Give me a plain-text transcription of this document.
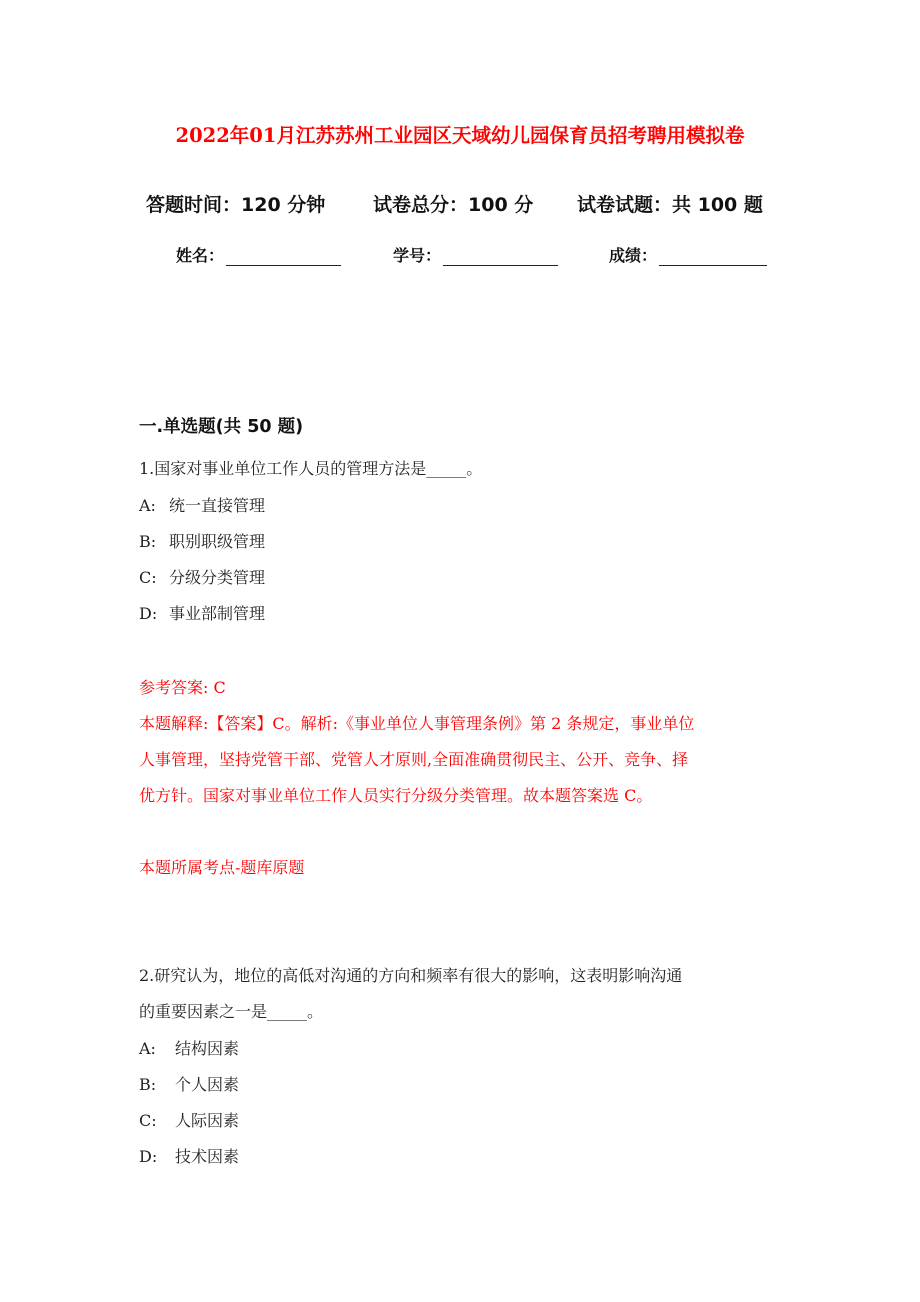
2022年01月江苏苏州工业园区天域幼儿园保育员招考聘用模拟卷
答题时间：120 分钟	试卷总分：100 分 试卷试题：共 100 题
姓名：	学号：	成绩：
一.单选题(共 50 题)
1.国家对事业单位工作人员的管理方法是_____。
A: 统一直接管理
B: 职别职级管理
C: 分级分类管理
D: 事业部制管理
参考答案: C
本题解释:【答案】C。解析:《事业单位人事管理条例》第 2 条规定，事业单位
人事管理，坚持党管干部、党管人才原则,全面准确贯彻民主、公开、竞争、择
优方针。国家对事业单位工作人员实行分级分类管理。故本题答案选 C。
本题所属考点-题库原题
2.研究认为，地位的高低对沟通的方向和频率有很大的影响，这表明影响沟通
的重要因素之一是_____。
A: 结构因素
B: 个人因素
C: 人际因素
D: 技术因素
